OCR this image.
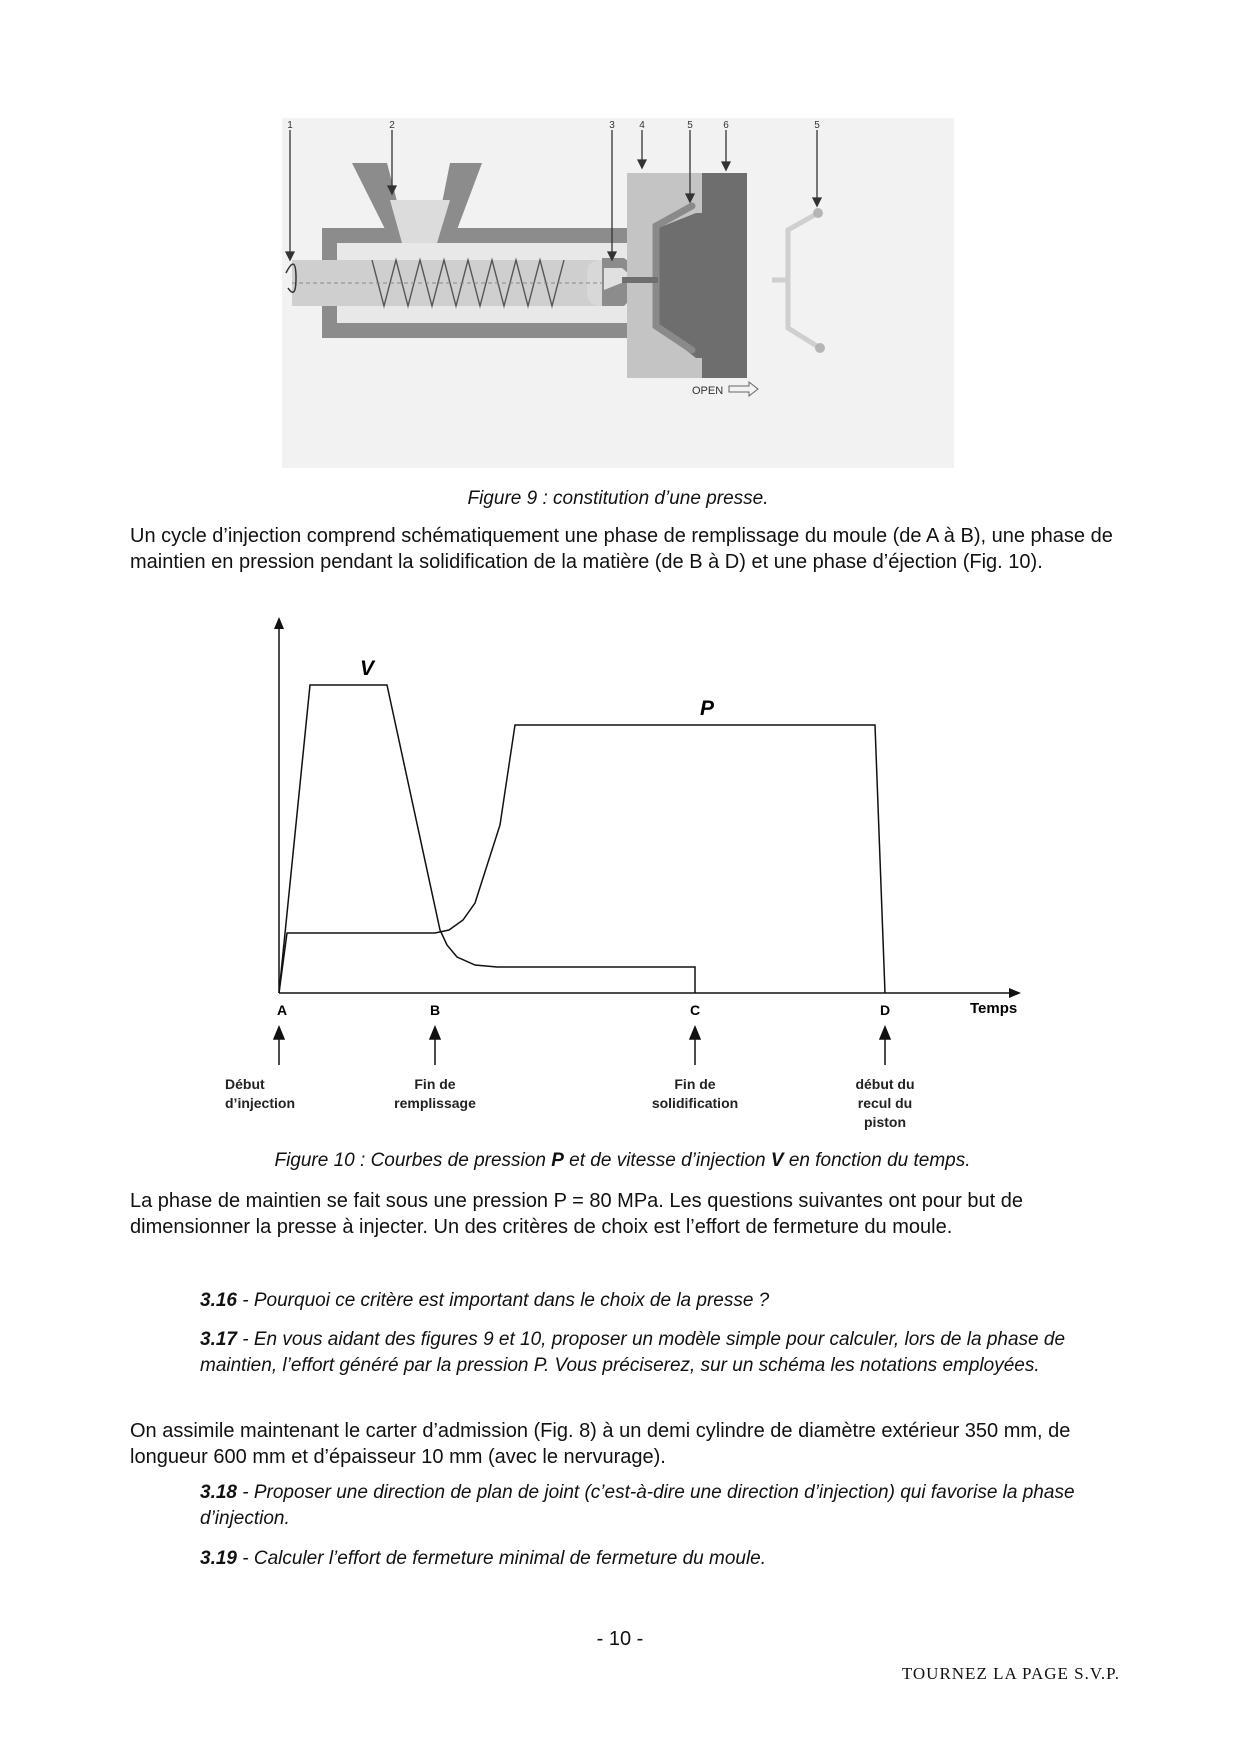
1	2	3 4	5	6	5
OPEN
Figure 9 : constitution d’une presse.
Un cycle d’injection comprend schématiquement une phase de remplissage du moule (de A à B), une phase de maintien en pression pendant la solidification de la matière (de B à D) et une phase d’éjection (Fig. 10).
V
P
A	B	C	D	Temps
Début
d’injection
Fin de
remplissage
Fin de
solidification
début du
recul du
piston
Figure 10 : Courbes de pression P et de vitesse d’injection V en fonction du temps.
La phase de maintien se fait sous une pression P = 80 MPa. Les questions suivantes ont pour but de dimensionner la presse à injecter. Un des critères de choix est l’effort de fermeture du moule.
3.16 - Pourquoi ce critère est important dans le choix de la presse ?
3.17 - En vous aidant des figures 9 et 10, proposer un modèle simple pour calculer, lors de la phase de maintien, l’effort généré par la pression P. Vous préciserez, sur un schéma les notations employées.
On assimile maintenant le carter d’admission (Fig. 8) à un demi cylindre de diamètre extérieur 350 mm, de longueur 600 mm et d’épaisseur 10 mm (avec le nervurage).
3.18 - Proposer une direction de plan de joint (c’est-à-dire une direction d’injection) qui favorise la phase d’injection.
3.19 - Calculer l’effort de fermeture minimal de fermeture du moule.
- 10 -
TOURNEZ LA PAGE S.V.P.
